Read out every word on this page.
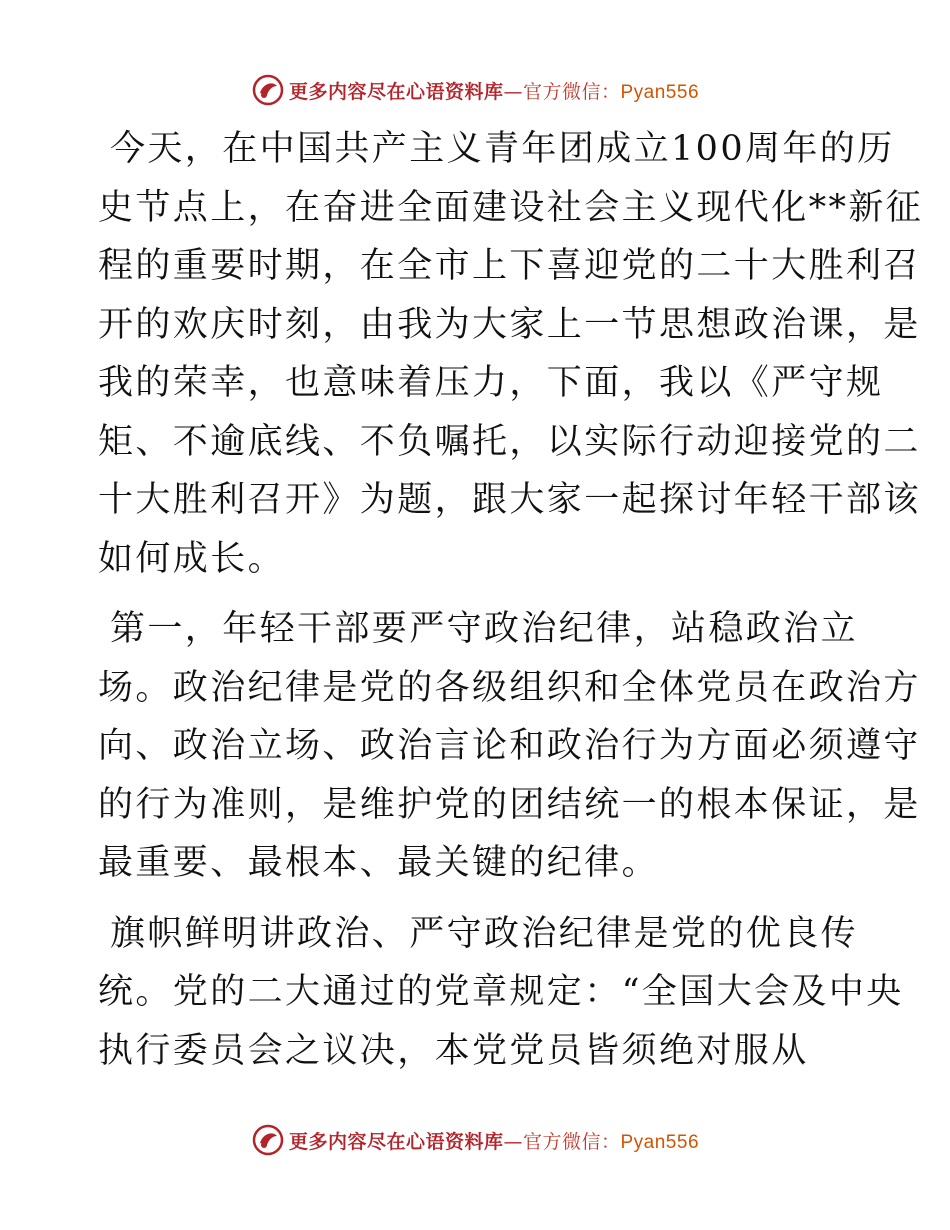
更多内容尽在心语资料库—官方微信：Pyan556
今天，在中国共产主义青年团成立100周年的历
史节点上，在奋进全面建设社会主义现代化**新征
程的重要时期，在全市上下喜迎党的二十大胜利召
开的欢庆时刻，由我为大家上一节思想政治课，是
我的荣幸，也意味着压力，下面，我以《严守规
矩、不逾底线、不负嘱托，以实际行动迎接党的二
十大胜利召开》为题，跟大家一起探讨年轻干部该
如何成长。
第一，年轻干部要严守政治纪律，站稳政治立
场。政治纪律是党的各级组织和全体党员在政治方
向、政治立场、政治言论和政治行为方面必须遵守
的行为准则，是维护党的团结统一的根本保证，是
最重要、最根本、最关键的纪律。
旗帜鲜明讲政治、严守政治纪律是党的优良传
统。党的二大通过的党章规定：“全国大会及中央
执行委员会之议决，本党党员皆须绝对服从
更多内容尽在心语资料库—官方微信：Pyan556
